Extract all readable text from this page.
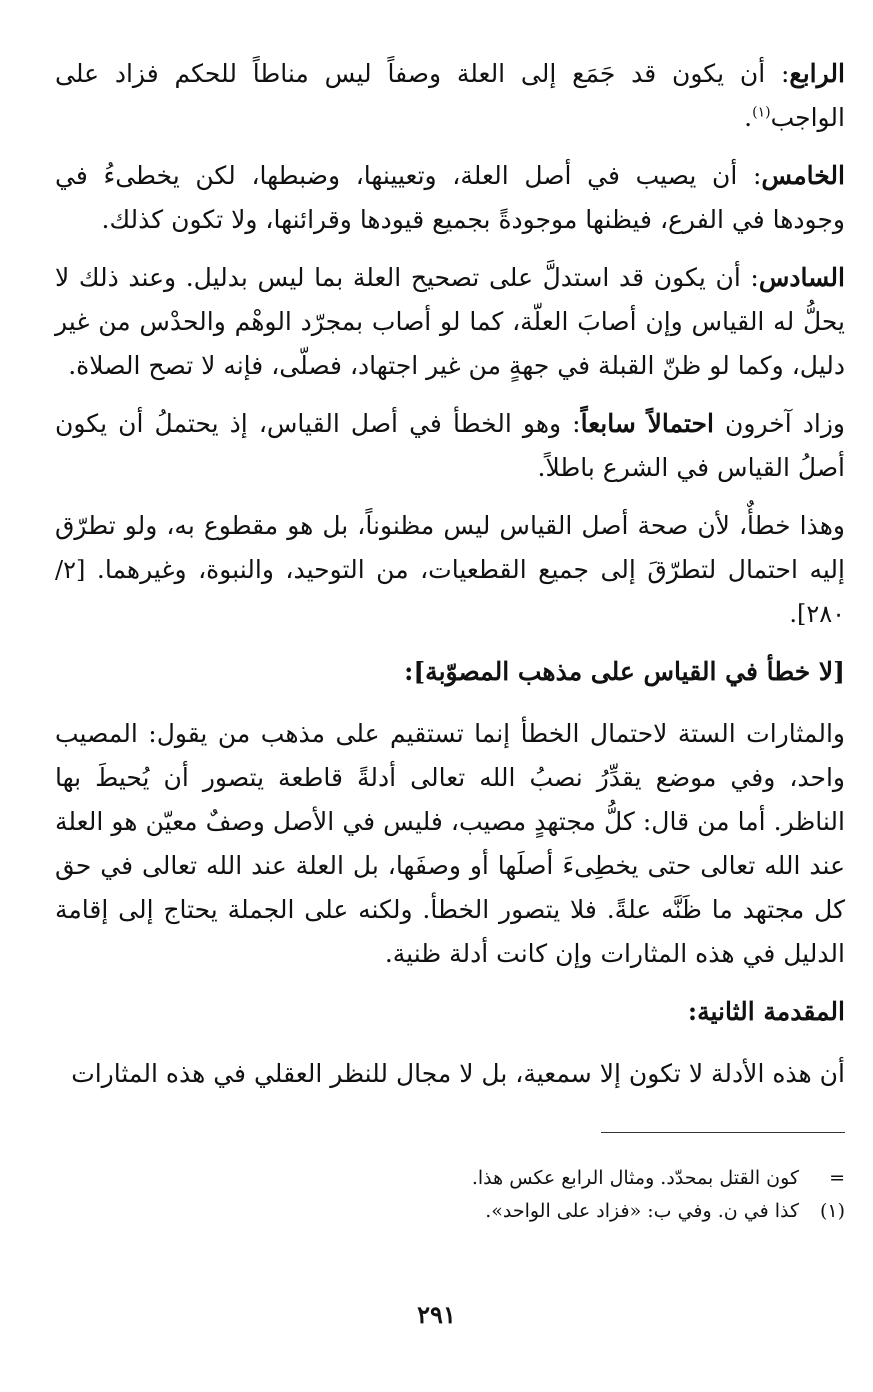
الرابع: أن يكون قد جَمَع إلى العلة وصفاً ليس مناطاً للحكم فزاد على الواجب$^{(١)}$.

الخامس: أن يصيب في أصل العلة، وتعيينها، وضبطها، لكن يخطىءُ في وجودها في الفرع، فيظنها موجودةً بجميع قيودها وقرائنها، ولا تكون كذلك.

السادس: أن يكون قد استدلَّ على تصحيح العلة بما ليس بدليل. وعند ذلك لا يحلُّ له القياس وإن أصابَ العلّة، كما لو أصاب بمجرّد الوهْم والحدْس من غير دليل، وكما لو ظنّ القبلة في جهةٍ من غير اجتهاد، فصلّى، فإنه لا تصح الصلاة.

وزاد آخرون احتمالاً سابعاً: وهو الخطأ في أصل القياس، إذ يحتملُ أن يكون أصلُ القياس في الشرع باطلاً.

وهذا خطأٌ، لأن صحة أصل القياس ليس مظنوناً، بل هو مقطوع به، ولو تطرّق إليه احتمال لتطرّقَ إلى جميع القطعيات، من التوحيد، والنبوة، وغيرهما. [٢/ ٢٨٠].

[لا خطأ في القياس على مذهب المصوّبة]:

والمثارات الستة لاحتمال الخطأ إنما تستقيم على مذهب من يقول: المصيب واحد، وفي موضع يقدِّرُ نصبُ الله تعالى أدلةً قاطعة يتصور أن يُحيطَ بها الناظر. أما من قال: كلُّ مجتهدٍ مصيب، فليس في الأصل وصفٌ معيّن هو العلة عند الله تعالى حتى يخطِىءَ أصلَها أو وصفَها، بل العلة عند الله تعالى في حق كل مجتهد ما ظَنَّه علةً. فلا يتصور الخطأ. ولكنه على الجملة يحتاج إلى إقامة الدليل في هذه المثارات وإن كانت أدلة ظنية.

المقدمة الثانية:

أن هذه الأدلة لا تكون إلا سمعية، بل لا مجال للنظر العقلي في هذه المثارات

=
كون القتل بمحدّد. ومثال الرابع عكس هذا.
(١)
كذا في ن. وفي ب: «فزاد على الواحد».
٢٩١
